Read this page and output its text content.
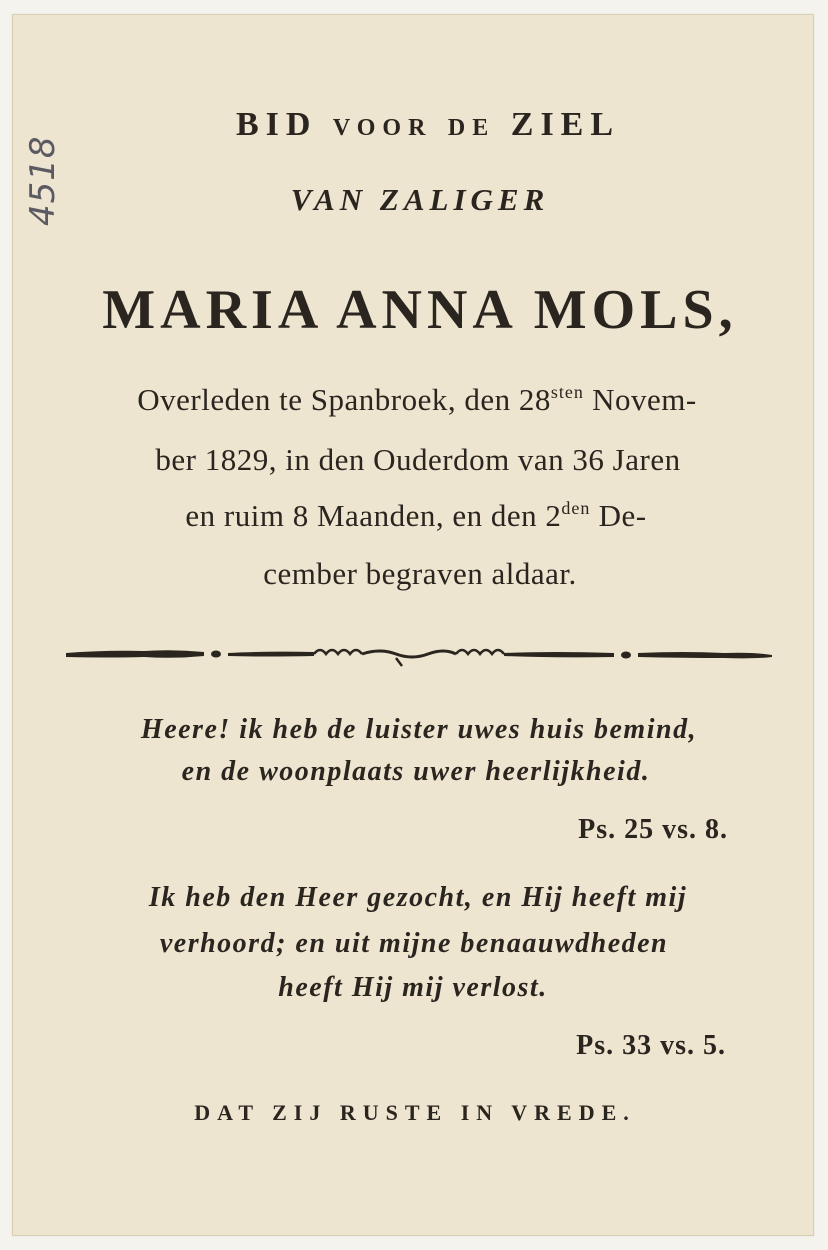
4518
BID voor de ZIEL
VAN ZALIGER
MARIA ANNA MOLS,
Overleden te Spanbroek, den $28^{sten}$ Novem-
ber 1829, in den Ouderdom van 36 Jaren
en ruim 8 Maanden, en den $2^{den}$ De-
cember begraven aldaar.
Heere! ik heb de luister uwes huis bemind,
en de woonplaats uwer heerlijkheid.
Ps. 25 vs. 8.
Ik heb den Heer gezocht, en Hij heeft mij
verhoord; en uit mijne benaauwdheden
heeft Hij mij verlost.
Ps. 33 vs. 5.
DAT ZIJ RUSTE IN VREDE.
